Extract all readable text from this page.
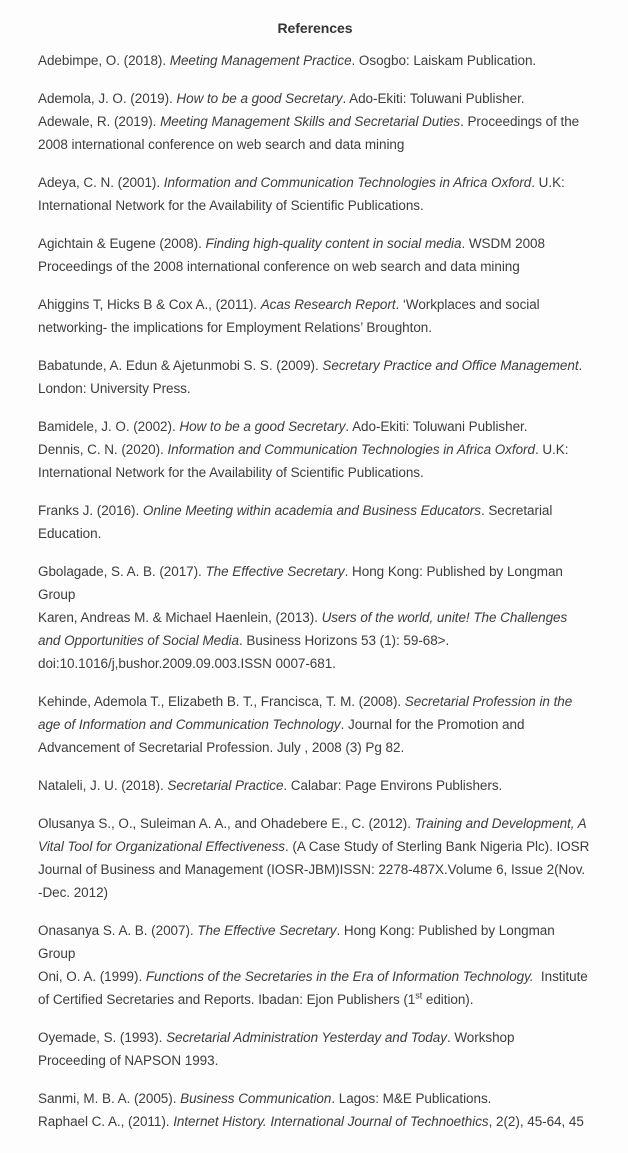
References

Adebimpe, O. (2018). Meeting Management Practice. Osogbo: Laiskam Publication.

Ademola, J. O. (2019). How to be a good Secretary. Ado-Ekiti: Toluwani Publisher.

Adewale, R. (2019). Meeting Management Skills and Secretarial Duties. Proceedings of the 2008 international conference on web search and data mining

Adeya, C. N. (2001). Information and Communication Technologies in Africa Oxford. U.K: International Network for the Availability of Scientific Publications.

Agichtain & Eugene (2008). Finding high-quality content in social media. WSDM 2008 Proceedings of the 2008 international conference on web search and data mining

Ahiggins T, Hicks B & Cox A., (2011). Acas Research Report. ‘Workplaces and social networking- the implications for Employment Relations’ Broughton.

Babatunde, A. Edun & Ajetunmobi S. S. (2009). Secretary Practice and Office Management. London: University Press.

Bamidele, J. O. (2002). How to be a good Secretary. Ado-Ekiti: Toluwani Publisher.

Dennis, C. N. (2020). Information and Communication Technologies in Africa Oxford. U.K: International Network for the Availability of Scientific Publications.

Franks J. (2016). Online Meeting within academia and Business Educators. Secretarial Education.

Gbolagade, S. A. B. (2017). The Effective Secretary. Hong Kong: Published by Longman Group

Karen, Andreas M. & Michael Haenlein, (2013). Users of the world, unite! The Challenges and Opportunities of Social Media. Business Horizons 53 (1): 59-68>. doi:10.1016/j,bushor.2009.09.003.ISSN 0007-681.

Kehinde, Ademola T., Elizabeth B. T., Francisca, T. M. (2008). Secretarial Profession in the age of Information and Communication Technology. Journal for the Promotion and Advancement of Secretarial Profession. July , 2008 (3) Pg 82.

Nataleli, J. U. (2018). Secretarial Practice. Calabar: Page Environs Publishers.

Olusanya S., O., Suleiman A. A., and Ohadebere E., C. (2012). Training and Development, A Vital Tool for Organizational Effectiveness. (A Case Study of Sterling Bank Nigeria Plc). IOSR Journal of Business and Management (IOSR-JBM)ISSN: 2278-487X.Volume 6, Issue 2(Nov. -Dec. 2012)

Onasanya S. A. B. (2007). The Effective Secretary. Hong Kong: Published by Longman Group

Oni, O. A. (1999). Functions of the Secretaries in the Era of Information Technology.  Institute of Certified Secretaries and Reports. Ibadan: Ejon Publishers (1st edition).

Oyemade, S. (1993). Secretarial Administration Yesterday and Today. Workshop     Proceeding of NAPSON 1993.

Sanmi, M. B. A. (2005). Business Communication. Lagos: M&E Publications.

Raphael C. A., (2011). Internet History. International Journal of Technoethics, 2(2), 45-64, 45
